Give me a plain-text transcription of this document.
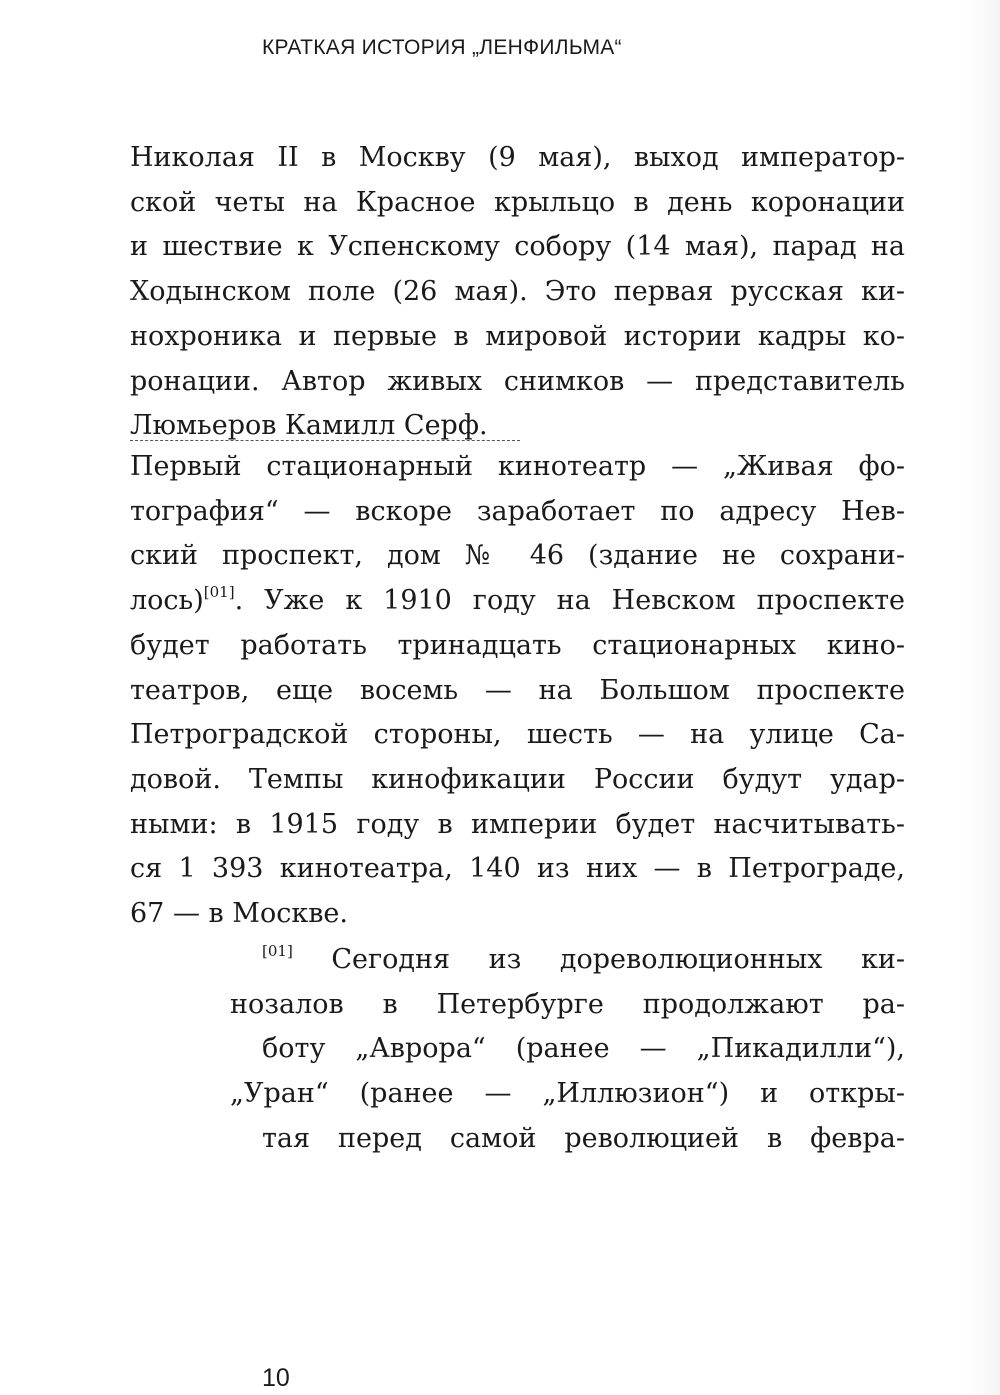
КРАТКАЯ ИСТОРИЯ „ЛЕНФИЛЬМА“
Николая II в Москву (9 мая), выход император-
ской четы на Красное крыльцо в день коронации
и шествие к Успенскому собору (14 мая), парад на
Ходынском поле (26 мая). Это первая русская ки-
нохроника и первые в мировой истории кадры ко-
ронации. Автор живых снимков — представитель
Люмьеров Камилл Серф.
Первый стационарный кинотеатр — „Живая фо-
тография“ — вскоре заработает по адресу Нев-
ский проспект, дом № 46 (здание не сохрани-
лось)[01]. Уже к 1910 году на Невском проспекте
будет работать тринадцать стационарных кино-
театров, еще восемь — на Большом проспекте
Петроградской стороны, шесть — на улице Са-
довой. Темпы кинофикации России будут удар-
ными: в 1915 году в империи будет насчитывать-
ся 1 393 кинотеатра, 140 из них — в Петрограде,
67 — в Москве.
[01] Сегодня из дореволюционных ки-
нозалов в Петербурге продолжают ра-
боту „Аврора“ (ранее — „Пикадилли“),
„Уран“ (ранее — „Иллюзион“) и откры-
тая перед самой революцией в февра-
10
